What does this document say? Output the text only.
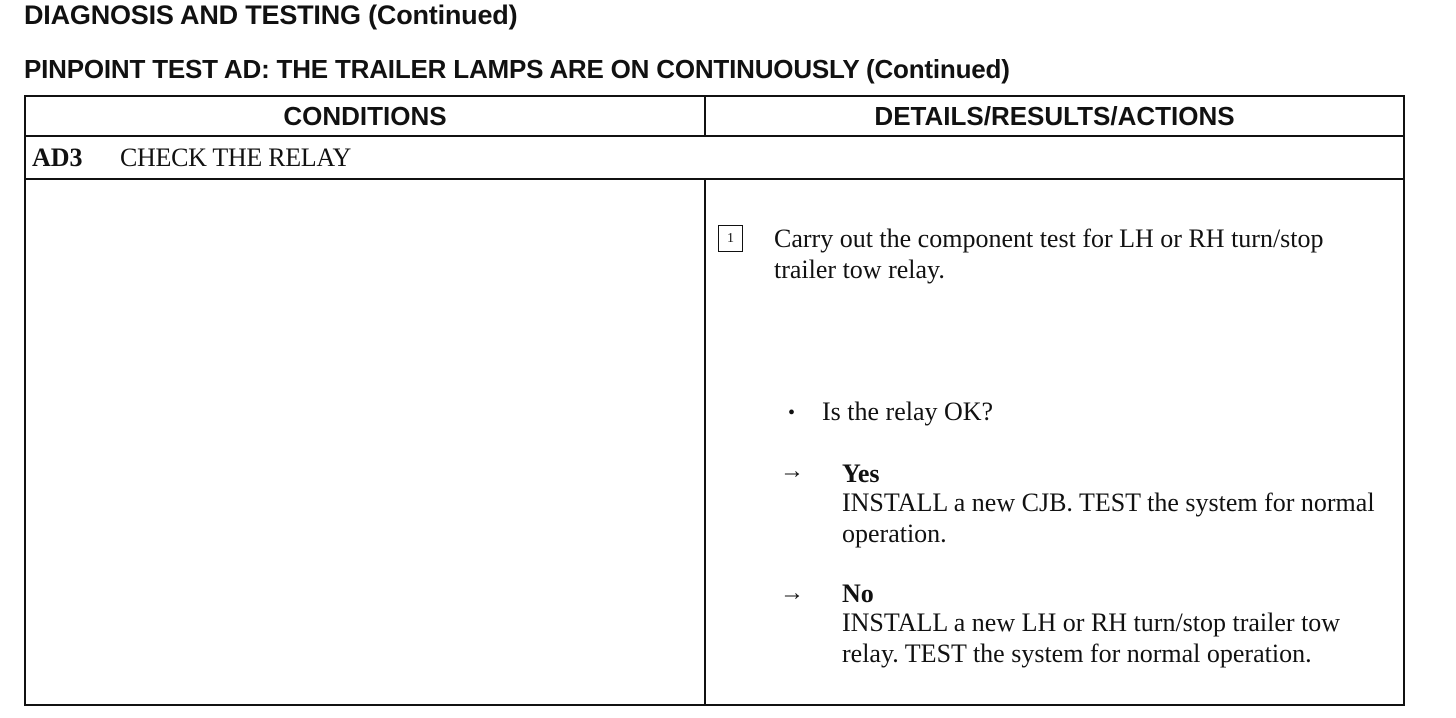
DIAGNOSIS AND TESTING (Continued)
PINPOINT TEST AD: THE TRAILER LAMPS ARE ON CONTINUOUSLY (Continued)
CONDITIONS	DETAILS/RESULTS/ACTIONS
AD3 CHECK THE RELAY
1	Carry out the component test for LH or RH turn/stop trailer tow relay.
• Is the relay OK?
→ Yes
INSTALL a new CJB. TEST the system for normal operation.
→ No
INSTALL a new LH or RH turn/stop trailer tow relay. TEST the system for normal operation.
